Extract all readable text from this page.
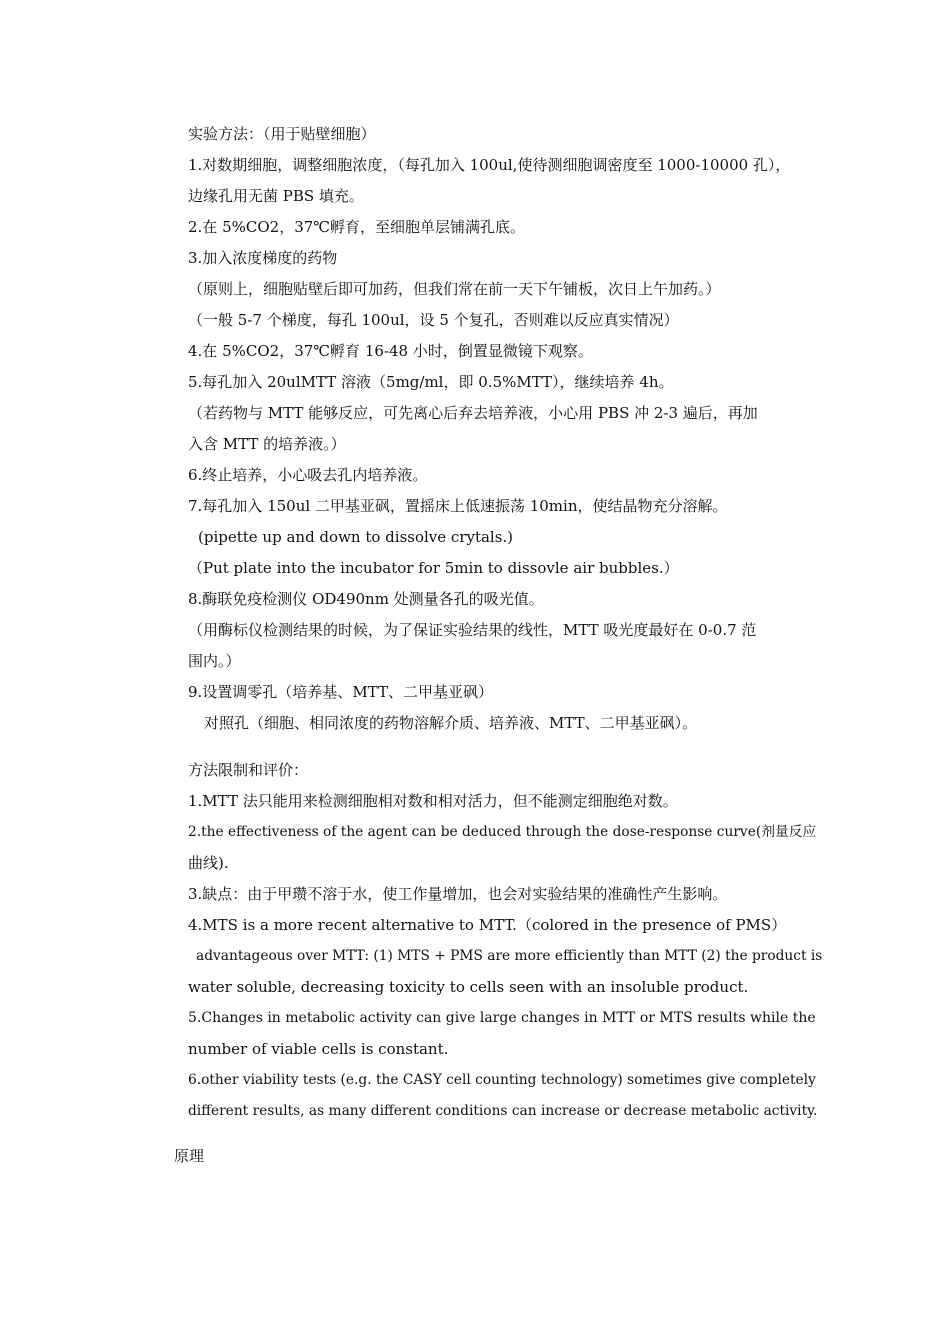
实验方法：（用于贴壁细胞）
1.对数期细胞，调整细胞浓度，（每孔加入 100ul,使待测细胞调密度至 1000-10000 孔），
边缘孔用无菌 PBS 填充。
2.在 5%CO2，37℃孵育，至细胞单层铺满孔底。
3.加入浓度梯度的药物
（原则上，细胞贴壁后即可加药，但我们常在前一天下午铺板，次日上午加药。）
（一般 5-7 个梯度，每孔 100ul，设 5 个复孔，否则难以反应真实情况）
4.在 5%CO2，37℃孵育 16-48 小时，倒置显微镜下观察。
5.每孔加入 20ulMTT 溶液（5mg/ml，即 0.5%MTT），继续培养 4h。
（若药物与 MTT 能够反应，可先离心后弃去培养液，小心用 PBS 冲 2-3 遍后，再加
入含 MTT 的培养液。）
6.终止培养，小心吸去孔内培养液。
7.每孔加入 150ul 二甲基亚砜，置摇床上低速振荡 10min，使结晶物充分溶解。
(pipette up and down to dissolve crytals.)
（Put plate into the incubator for 5min to dissovle air bubbles.）
8.酶联免疫检测仪 OD490nm 处测量各孔的吸光值。
（用酶标仪检测结果的时候，为了保证实验结果的线性，MTT 吸光度最好在 0-0.7 范
围内。）
9.设置调零孔（培养基、MTT、二甲基亚砜）
对照孔（细胞、相同浓度的药物溶解介质、培养液、MTT、二甲基亚砜）。
方法限制和评价：
1.MTT 法只能用来检测细胞相对数和相对活力，但不能测定细胞绝对数。
2.the effectiveness of the agent can be deduced through the dose-response curve(剂量反应
曲线).
3.缺点：由于甲瓒不溶于水，使工作量增加，也会对实验结果的准确性产生影响。
4.MTS is a more recent alternative to MTT.（colored in the presence of PMS）
advantageous over MTT: (1) MTS + PMS are more efficiently than MTT (2) the product is
water soluble, decreasing toxicity to cells seen with an insoluble product.
5.Changes in metabolic activity can give large changes in MTT or MTS results while the
number of viable cells is constant.
6.other viability tests (e.g. the CASY cell counting technology) sometimes give completely
different results, as many different conditions can increase or decrease metabolic activity.
原理
